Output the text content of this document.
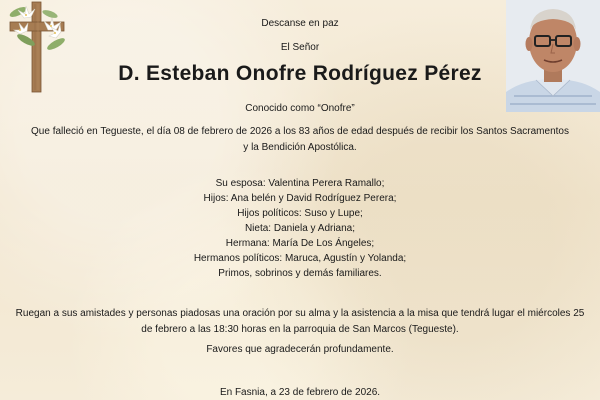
Descanse en paz
El Señor
D. Esteban Onofre Rodríguez Pérez
Conocido como “Onofre”
Que falleció en Tegueste, el día 08 de febrero de 2026 a los 83 años de edad después de recibir los Santos Sacramentos y la Bendición Apostólica.
Su esposa: Valentina Perera Ramallo;
Hijos: Ana belén y David Rodríguez Perera;
Hijos políticos: Suso y Lupe;
Nieta: Daniela y Adriana;
Hermana: María De Los Ángeles;
Hermanos políticos: Maruca, Agustín y Yolanda;
Primos, sobrinos y demás familiares.
Ruegan a sus amistades y personas piadosas una oración por su alma y la asistencia a la misa que tendrá lugar el miércoles 25 de febrero a las 18:30 horas en la parroquia de San Marcos (Tegueste).
Favores que agradecerán profundamente.
En Fasnia, a 23 de febrero de 2026.
